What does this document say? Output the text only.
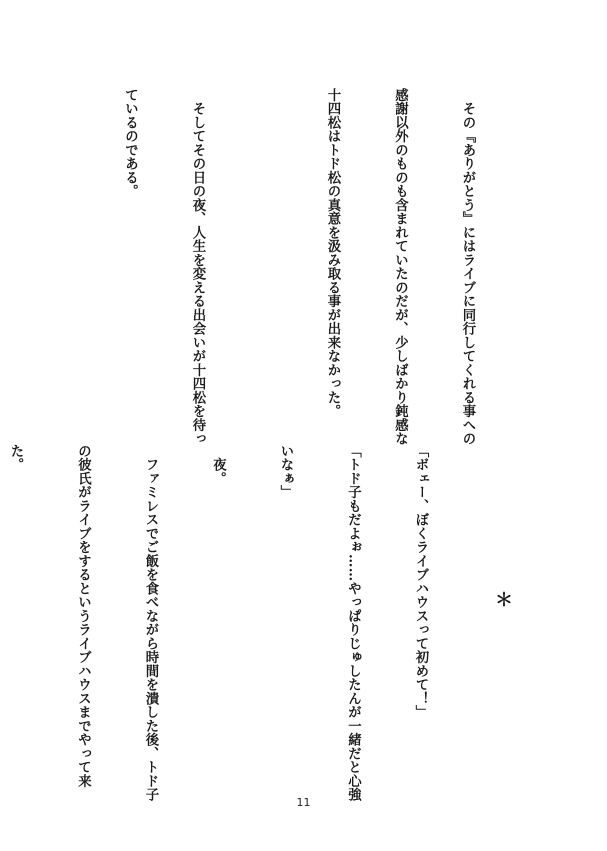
　その『ありがとう』にはライブに同行してくれる事への

感謝以外のものも含まれていたのだが、少しばかり鈍感な

十四松はトド松の真意を汲み取る事が出来なかった。

　そしてその日の夜、人生を変える出会いが十四松を待っ

ているのである。

＊

「ボェー、ぼくライブハウスって初めて！」

「トド子もだよぉ……やっぱりじゅしたんが一緒だと心強

いなぁ」

　夜。

　ファミレスでご飯を食べながら時間を潰した後、トド子

の彼氏がライブをするというライブハウスまでやって来

た。

11
